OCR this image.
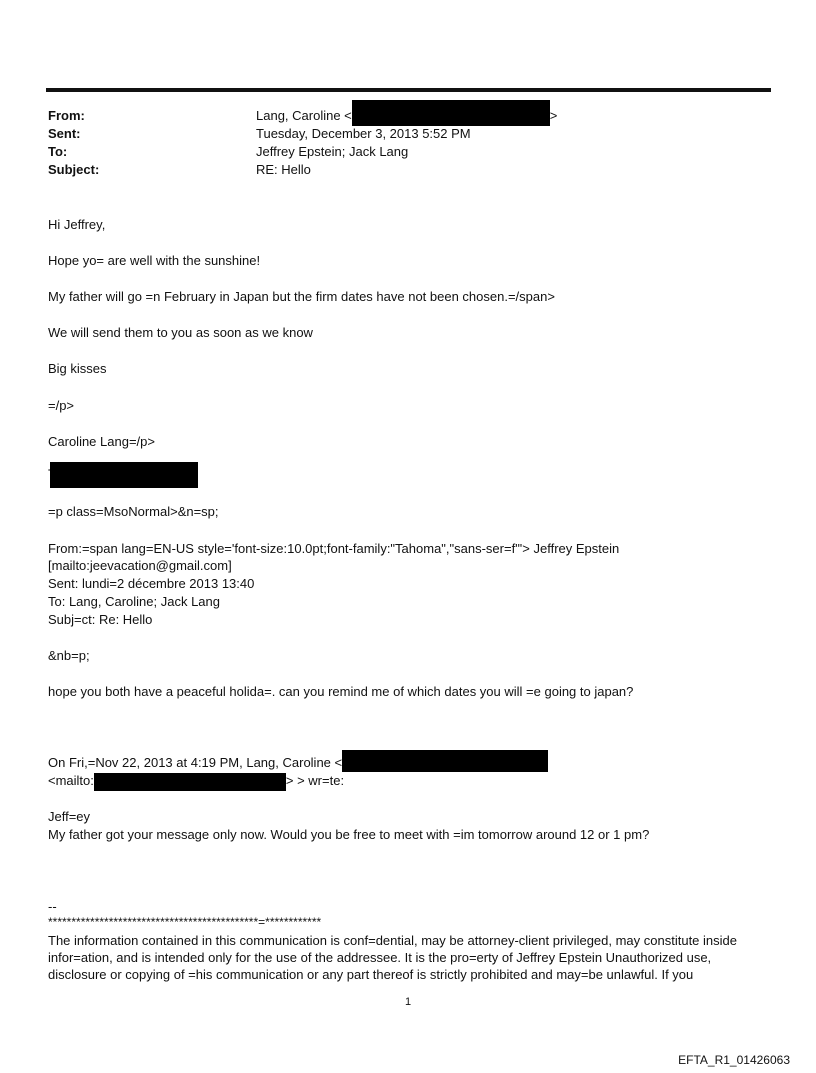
From:	Lang, Caroline <	>
Sent:	Tuesday, December 3, 2013 5:52 PM
To:	Jeffrey Epstein; Jack Lang
Subject:	RE: Hello
Hi Jeffrey,
Hope yo= are well with the sunshine!
My father will go =n February in Japan but the firm dates have not been chosen.=/span>
We will send them to you as soon as we know
Big kisses
=/p>
Caroline Lang=/p>
=p class=MsoNormal>&n=sp;
From:=span lang=EN-US style='font-size:10.0pt;font-family:"Tahoma","sans-ser=f"'> Jeffrey Epstein
[mailto:jeevacation@gmail.com]
Sent: lundi=2 décembre 2013 13:40
To: Lang, Caroline; Jack Lang
Subj=ct: Re: Hello
&nb=p;
hope you both have a peaceful holida=. can you remind me of which dates you will =e going to japan?
On Fri,=Nov 22, 2013 at 4:19 PM, Lang, Caroline <
<mailto:	> > wr=te:
Jeff=ey
My father got your message only now. Would you be free to meet with =im tomorrow around 12 or 1 pm?
--
*********************************************=************
The information contained in this communication is conf=dential, may be attorney-client privileged, may constitute inside infor=ation, and is intended only for the use of the addressee. It is the pro=erty of Jeffrey Epstein Unauthorized use, disclosure or copying of =his communication or any part thereof is strictly prohibited and may=be unlawful. If you
1
EFTA_R1_01426063
